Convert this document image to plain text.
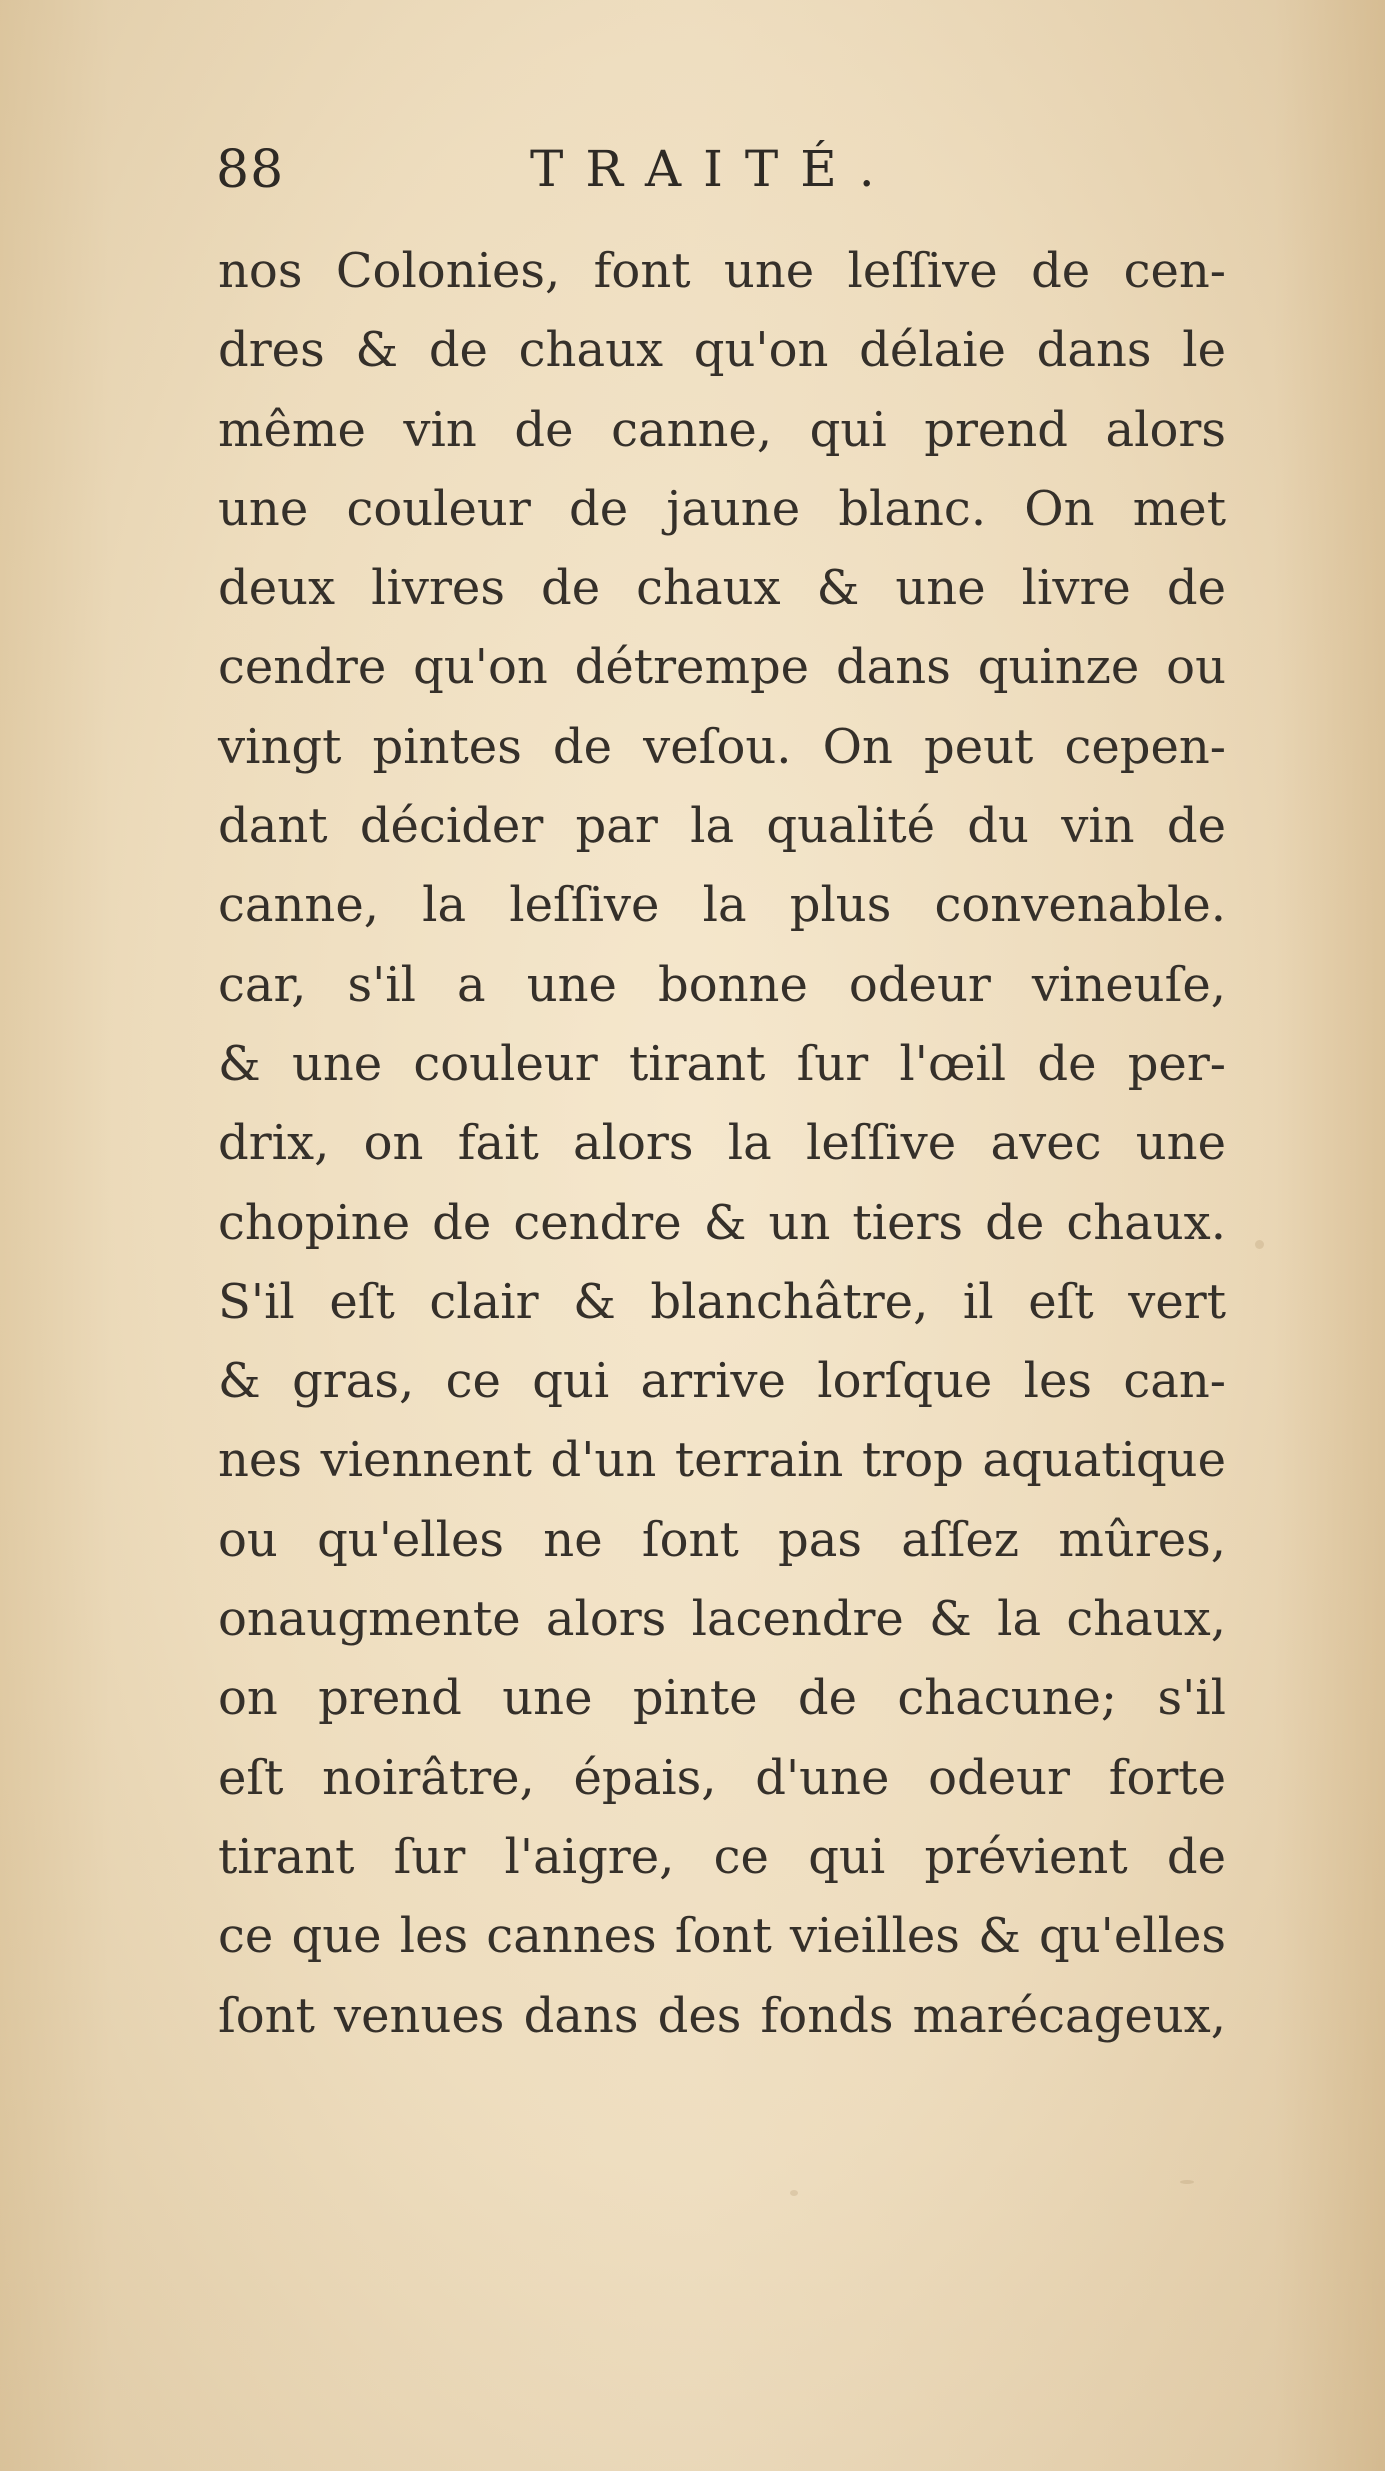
88	TRAITÉ.
nos Colonies, font une leſſive de cen-
dres & de chaux qu'on délaie dans le
même vin de canne, qui prend alors
une couleur de jaune blanc. On met
deux livres de chaux & une livre de
cendre qu'on détrempe dans quinze ou
vingt pintes de veſou. On peut cepen-
dant décider par la qualité du vin de
canne, la leſſive la plus convenable.
car, s'il a une bonne odeur vineuſe,
& une couleur tirant ſur l'œil de per-
drix, on fait alors la leſſive avec une
chopine de cendre & un tiers de chaux.
S'il eſt clair & blanchâtre, il eſt vert
& gras, ce qui arrive lorſque les can-
nes viennent d'un terrain trop aquatique
ou qu'elles ne ſont pas aſſez mûres,
onaugmente alors lacendre & la chaux,
on prend une pinte de chacune; s'il
eſt noirâtre, épais, d'une odeur forte
tirant ſur l'aigre, ce qui prévient de
ce que les cannes ſont vieilles & qu'elles
ſont venues dans des fonds marécageux,
